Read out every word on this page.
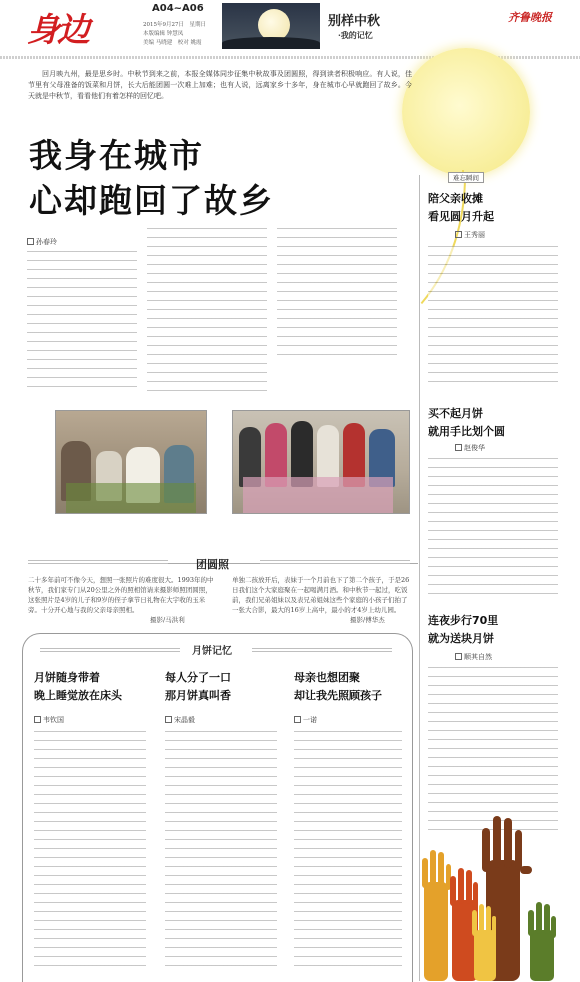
身边
A04~A06
2015年9月27日　星期日
本版编辑 钟慧凤
美编 马晓建　校对 姚霞
别样中秋
·我的记忆
齐鲁晚报
回月映九州，最是思乡时。中秋节到来之前，本报全媒体同步征集中秋故事及团圆照，得到读者积极响应。有人说，佳节里有父母准备的饭菜和月饼，长大后能团圆一次难上加难；也有人说，远离家乡十多年，身在城市心早就跑回了故乡。今天就是中秋节，看看他们有着怎样的回忆吧。
我身在城市
心却跑回了故乡
孙春玲
团圆照
二十多年前可不像今天，想照一张照片的难度很大。1993年的中秋节，我们家专门从20公里之外的照相馆请来摄影师照团圆照，这张照片是4岁的儿子和9岁的侄子拿节日礼物在大宇收的玉米旁。十分开心地与我的父亲母亲照相。
摄影/马洪利
单独二孩放开后，表妹于一个月前也下了第二个孩子，于是26日我们这个大家庭聚在一起喝满月酒。和中秋节一起过，吃饭前，我们兄弟姐妹以及表兄弟姐妹这些个家庭的小孩子们拍了一张大合影，最大的16岁上高中，最小的才4岁上幼儿园。
摄影/傅华杰
月饼记忆
月饼随身带着
晚上睡觉放在床头
韦钦国
每人分了一口
那月饼真叫香
宋晶毅
母亲也想团聚
却让我先照顾孩子
一诺
难忘瞬间
陪父亲收摊
看见圆月升起
王秀丽
买不起月饼
就用手比划个圆
赵俊华
连夜步行70里
就为送块月饼
顺其自然
